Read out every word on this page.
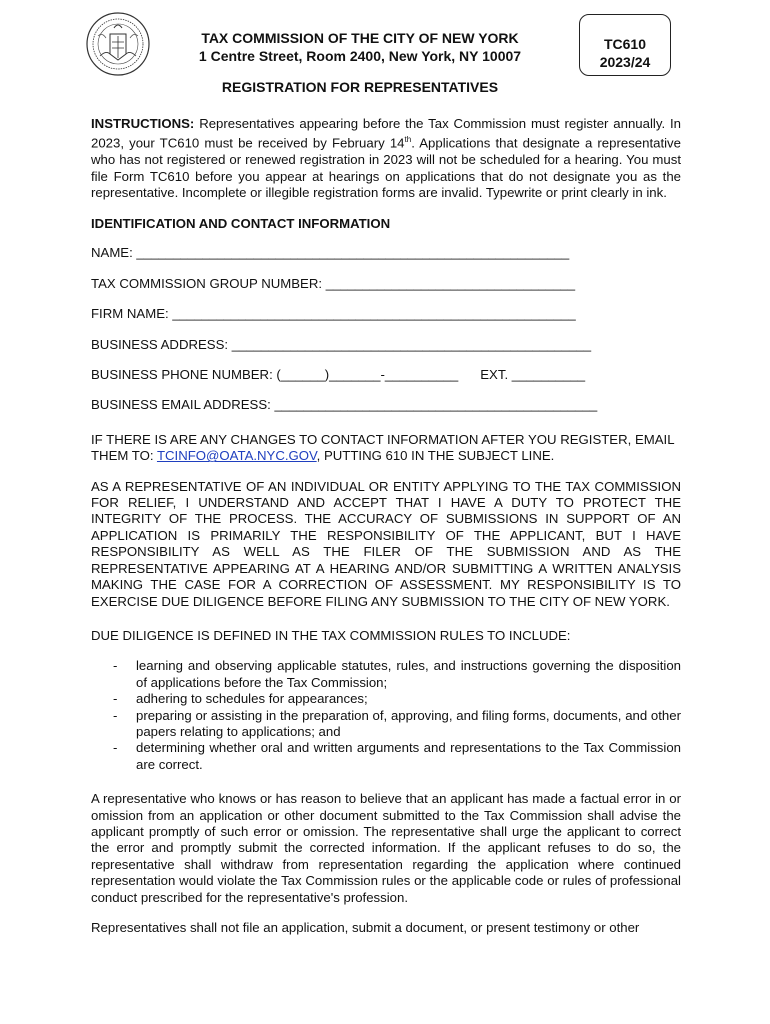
TAX COMMISSION OF THE CITY OF NEW YORK
1 Centre Street, Room 2400, New York, NY 10007
TC610
2023/24
REGISTRATION FOR REPRESENTATIVES

INSTRUCTIONS: Representatives appearing before the Tax Commission must register annually. In 2023, your TC610 must be received by February 14th. Applications that designate a representative who has not registered or renewed registration in 2023 will not be scheduled for a hearing. You must file Form TC610 before you appear at hearings on applications that do not designate you as the representative. Incomplete or illegible registration forms are invalid. Typewrite or print clearly in ink.

IDENTIFICATION AND CONTACT INFORMATION
NAME: ___________________________________________________________
TAX COMMISSION GROUP NUMBER: __________________________________
FIRM NAME: _______________________________________________________
BUSINESS ADDRESS: _________________________________________________
BUSINESS PHONE NUMBER: (______)_______-__________ EXT. __________
BUSINESS EMAIL ADDRESS: ____________________________________________

IF THERE IS ARE ANY CHANGES TO CONTACT INFORMATION AFTER YOU REGISTER, EMAIL THEM TO: TCINFO@OATA.NYC.GOV, PUTTING 610 IN THE SUBJECT LINE.

AS A REPRESENTATIVE OF AN INDIVIDUAL OR ENTITY APPLYING TO THE TAX COMMISSION FOR RELIEF, I UNDERSTAND AND ACCEPT THAT I HAVE A DUTY TO PROTECT THE INTEGRITY OF THE PROCESS. THE ACCURACY OF SUBMISSIONS IN SUPPORT OF AN APPLICATION IS PRIMARILY THE RESPONSIBILITY OF THE APPLICANT, BUT I HAVE RESPONSIBILITY AS WELL AS THE FILER OF THE SUBMISSION AND AS THE REPRESENTATIVE APPEARING AT A HEARING AND/OR SUBMITTING A WRITTEN ANALYSIS MAKING THE CASE FOR A CORRECTION OF ASSESSMENT. MY RESPONSIBILITY IS TO EXERCISE DUE DILIGENCE BEFORE FILING ANY SUBMISSION TO THE CITY OF NEW YORK.

DUE DILIGENCE IS DEFINED IN THE TAX COMMISSION RULES TO INCLUDE:

-	learning and observing applicable statutes, rules, and instructions governing the disposition of applications before the Tax Commission;
-	adhering to schedules for appearances;
-	preparing or assisting in the preparation of, approving, and filing forms, documents, and other papers relating to applications; and
-	determining whether oral and written arguments and representations to the Tax Commission are correct.

A representative who knows or has reason to believe that an applicant has made a factual error in or omission from an application or other document submitted to the Tax Commission shall advise the applicant promptly of such error or omission. The representative shall urge the applicant to correct the error and promptly submit the corrected information. If the applicant refuses to do so, the representative shall withdraw from representation regarding the application where continued representation would violate the Tax Commission rules or the applicable code or rules of professional conduct prescribed for the representative's profession.

Representatives shall not file an application, submit a document, or present testimony or other
